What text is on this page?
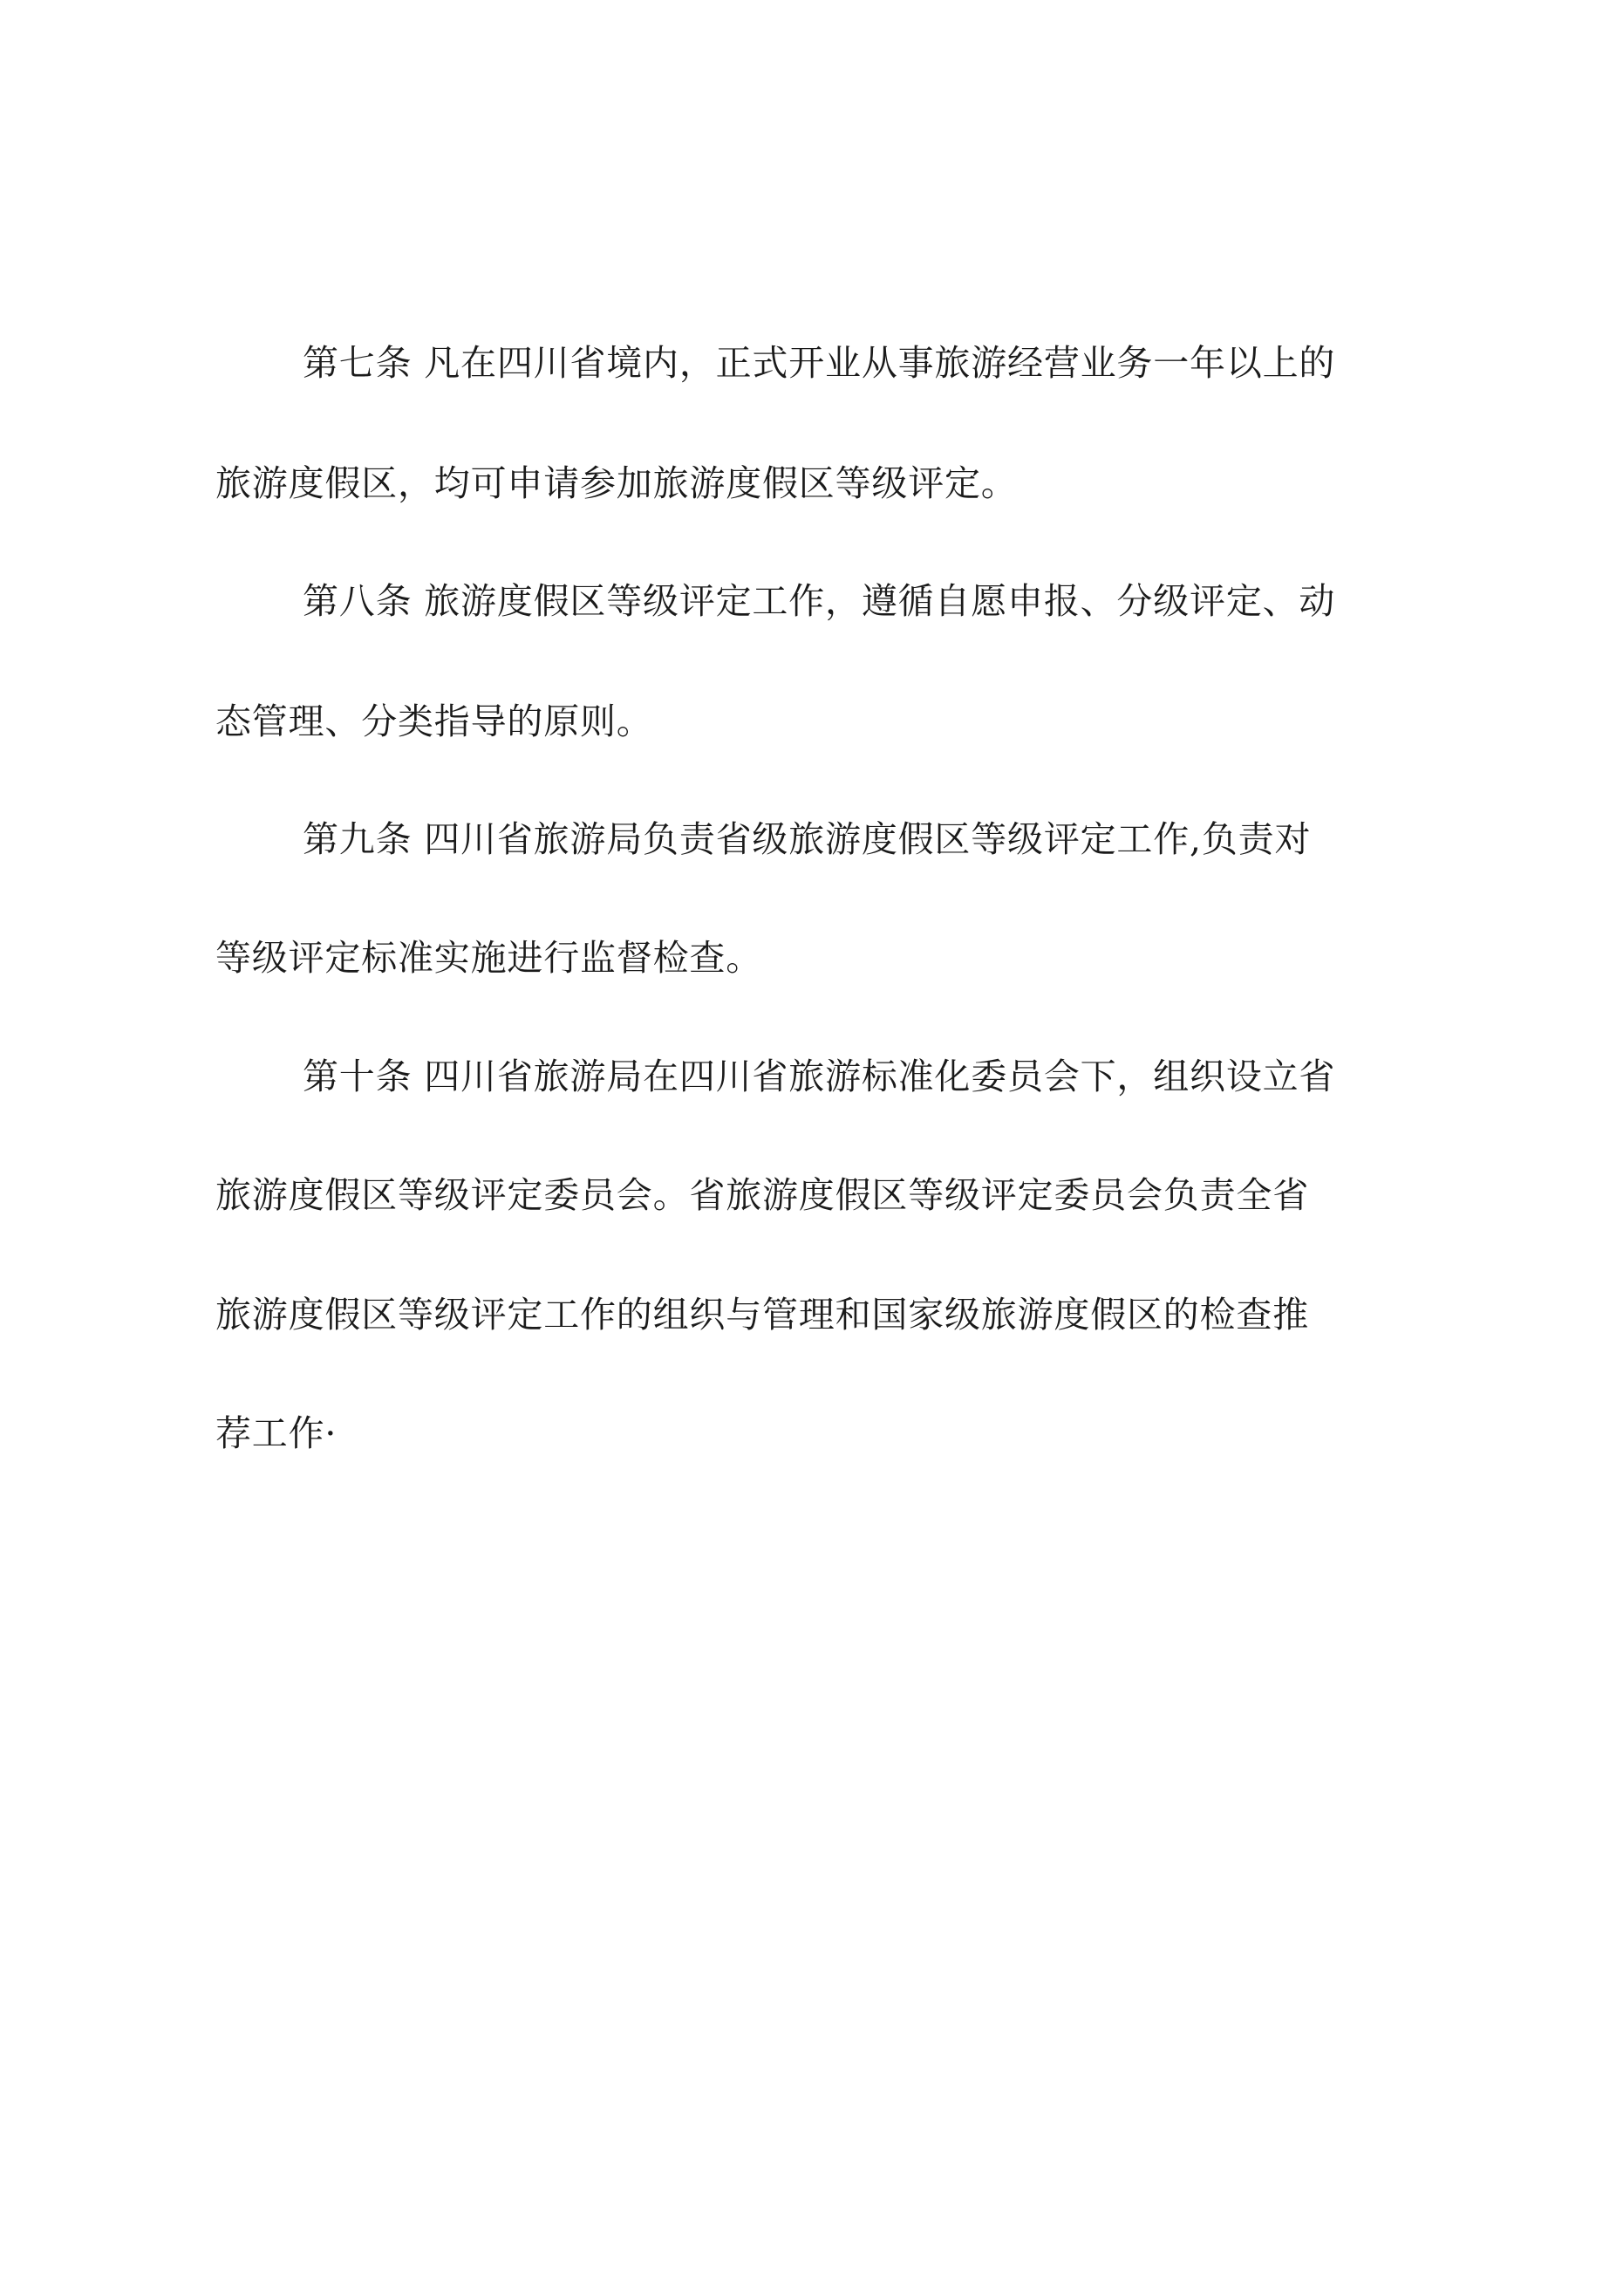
第七条 凡在四川省境内，正式开业从事旅游经营业务一年以上的
旅游度假区，均可申请参加旅游度假区等级评定。
第八条 旅游度假区等级评定工作，遵循自愿申报、分级评定、动
态管理、分类指导的原则。
第九条 四川省旅游局负责省级旅游度假区等级评定工作,负责对
等级评定标准实施进行监督检查。
第十条 四川省旅游局在四川省旅游标准化委员会下，组织设立省
旅游度假区等级评定委员会。省旅游度假区等级评定委员会负责全省
旅游度假区等级评定工作的组织与管理和国家级旅游度假区的检查推
荐工作·
